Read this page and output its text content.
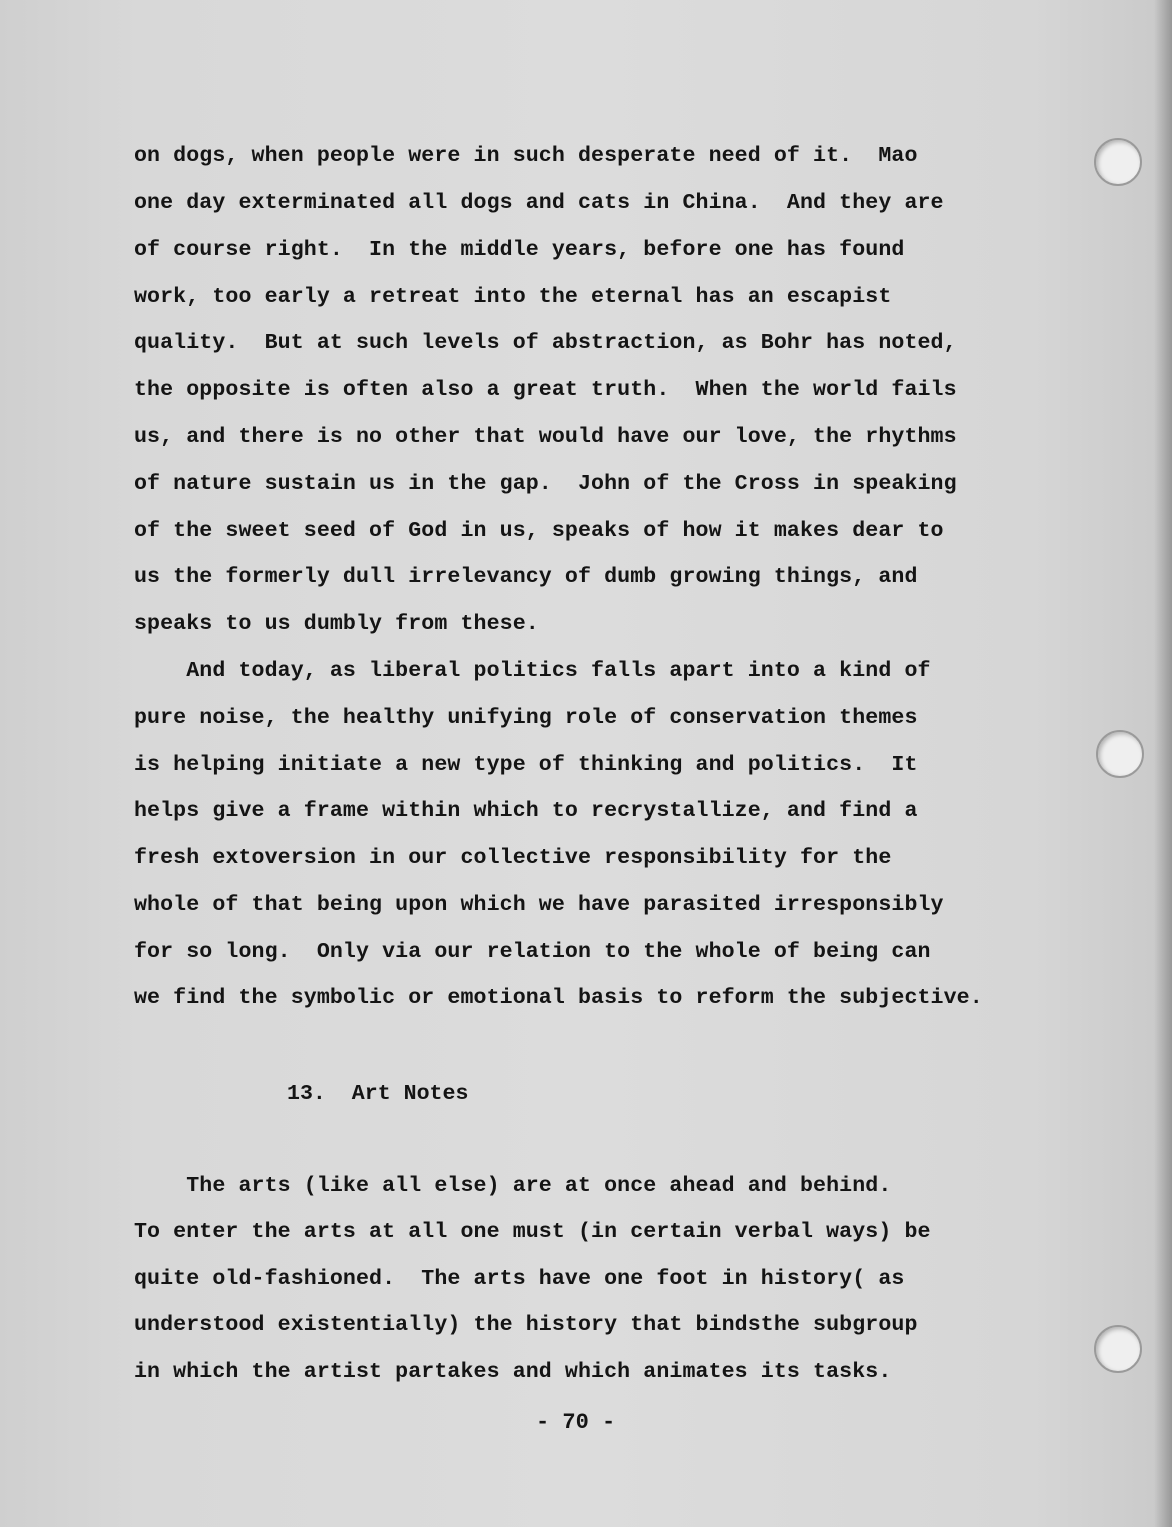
on dogs, when people were in such desperate need of it.  Mao
one day exterminated all dogs and cats in China.  And they are
of course right.  In the middle years, before one has found
work, too early a retreat into the eternal has an escapist
quality.  But at such levels of abstraction, as Bohr has noted,
the opposite is often also a great truth.  When the world fails
us, and there is no other that would have our love, the rhythms
of nature sustain us in the gap.  John of the Cross in speaking
of the sweet seed of God in us, speaks of how it makes dear to
us the formerly dull irrelevancy of dumb growing things, and
speaks to us dumbly from these.
And today, as liberal politics falls apart into a kind of
pure noise, the healthy unifying role of conservation themes
is helping initiate a new type of thinking and politics.  It
helps give a frame within which to recrystallize, and find a
fresh extoversion in our collective responsibility for the
whole of that being upon which we have parasited irresponsibly
for so long.  Only via our relation to the whole of being can
we find the symbolic or emotional basis to reform the subjective.
13.  Art Notes
The arts (like all else) are at once ahead and behind.
To enter the arts at all one must (in certain verbal ways) be
quite old-fashioned.  The arts have one foot in history( as
understood existentially) the history that bindsthe subgroup
in which the artist partakes and which animates its tasks.
- 70 -
